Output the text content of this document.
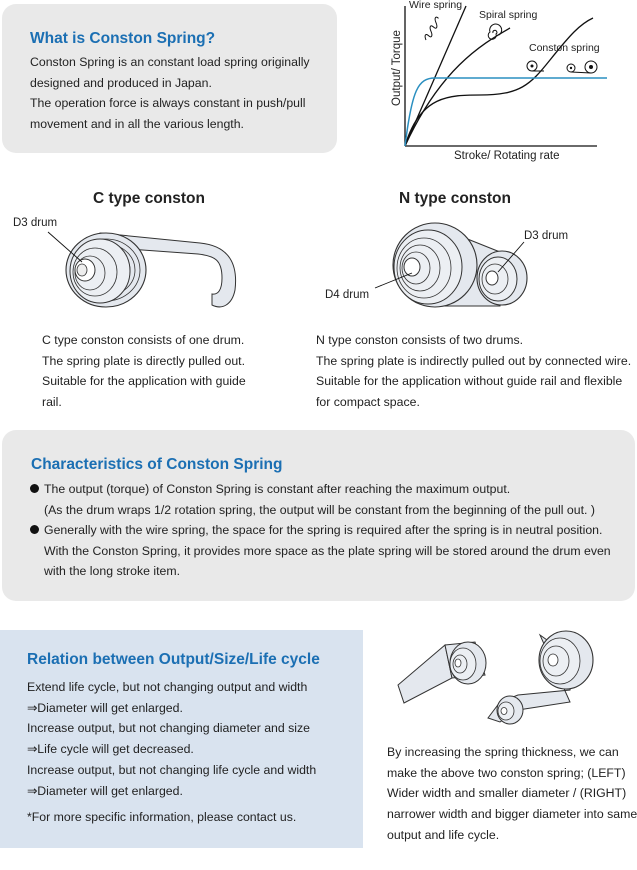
What is Conston Spring?
Conston Spring is an constant load spring originally
designed and produced in Japan.
The operation force is always constant in push/pull
movement and in all the various length.
Wire spring
Spiral spring
Conston spring
Stroke/ Rotating rate
Output/ Torque
C type conston
D3 drum
C type conston consists of one drum.
The spring plate is directly pulled out.
Suitable for the application with guide
rail.
N type conston
D3 drum
D4 drum
N type conston consists of two drums.
The spring plate is indirectly pulled out by connected wire.
Suitable for the application without guide rail and flexible
for compact space.
Characteristics of Conston Spring
The output (torque) of Conston Spring is constant after reaching the maximum output.
(As the drum wraps 1/2 rotation spring, the output will be constant from the beginning of the pull out. )
Generally with the wire spring, the space for the spring is required after the spring is in neutral position.
With the Conston Spring, it provides more space as the plate spring will be stored around the drum even
with the long stroke item.
Relation between Output/Size/Life cycle
Extend life cycle, but not changing output and width
⇒Diameter will get enlarged.
Increase output, but not changing diameter and size
⇒Life cycle will get decreased.
Increase output, but not changing life cycle and width
⇒Diameter will get enlarged.
*For more specific information, please contact us.
By increasing the spring thickness, we can
make the above two conston spring; (LEFT)
Wider width and smaller diameter / (RIGHT)
narrower width and bigger diameter into same
output and life cycle.
